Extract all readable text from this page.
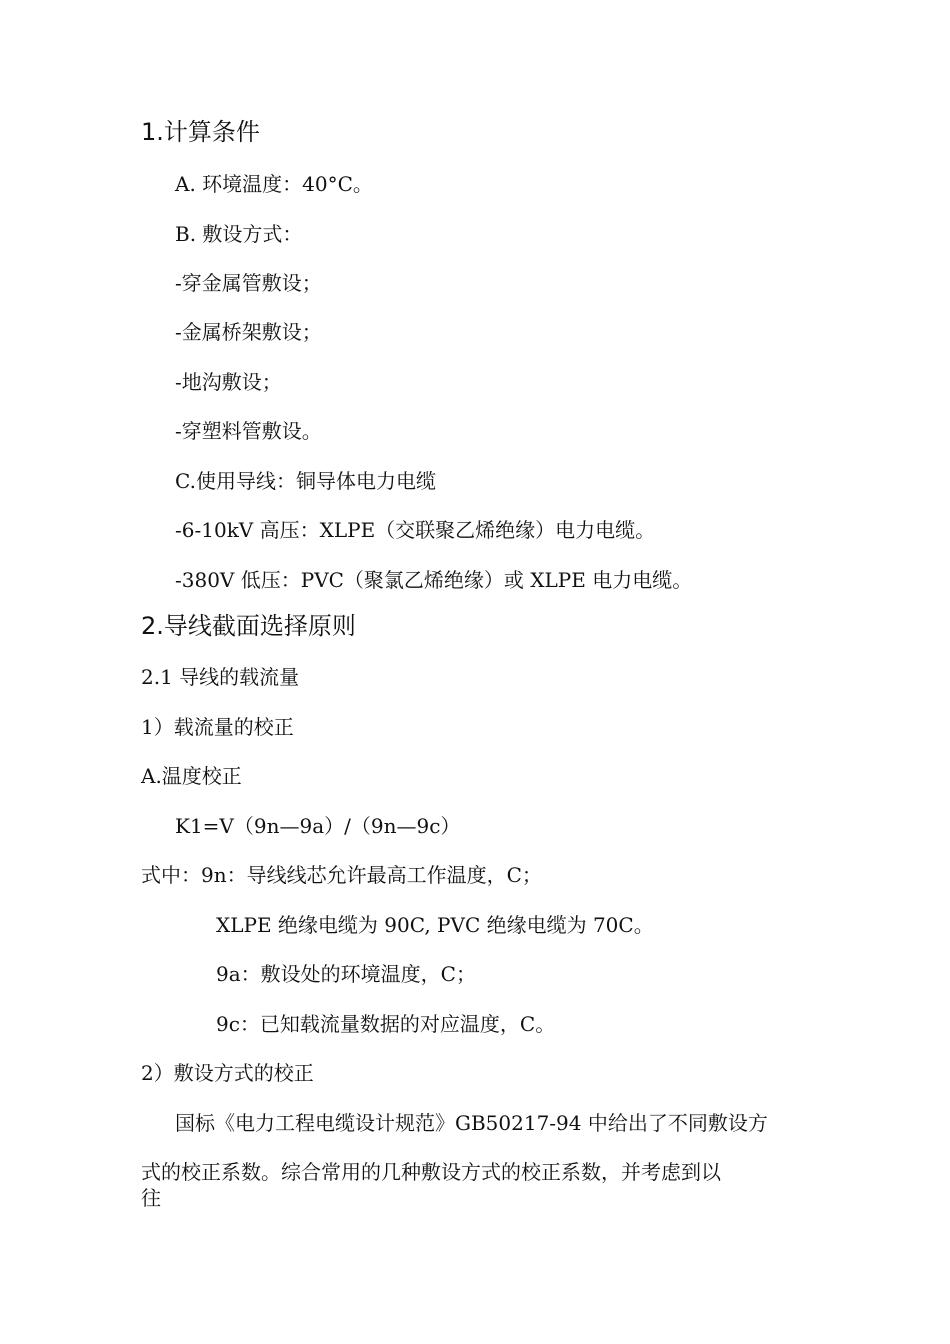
1.计算条件
A. 环境温度：40°C。
B. 敷设方式：
-穿金属管敷设；
-金属桥架敷设；
-地沟敷设；
-穿塑料管敷设。
C.使用导线：铜导体电力电缆
-6-10kV 高压：XLPE（交联聚乙烯绝缘）电力电缆。
-380V 低压：PVC（聚氯乙烯绝缘）或 XLPE 电力电缆。
2.导线截面选择原则
2.1 导线的载流量
1）载流量的校正
A.温度校正
K1=V（9n—9a）/（9n—9c）
式中：9n：导线线芯允许最高工作温度，C；
XLPE 绝缘电缆为 90C, PVC 绝缘电缆为 70C。
9a：敷设处的环境温度，C；
9c：已知载流量数据的对应温度，C。
2）敷设方式的校正
国标《电力工程电缆设计规范》GB50217-94 中给出了不同敷设方
式的校正系数。综合常用的几种敷设方式的校正系数，并考虑到以
往
